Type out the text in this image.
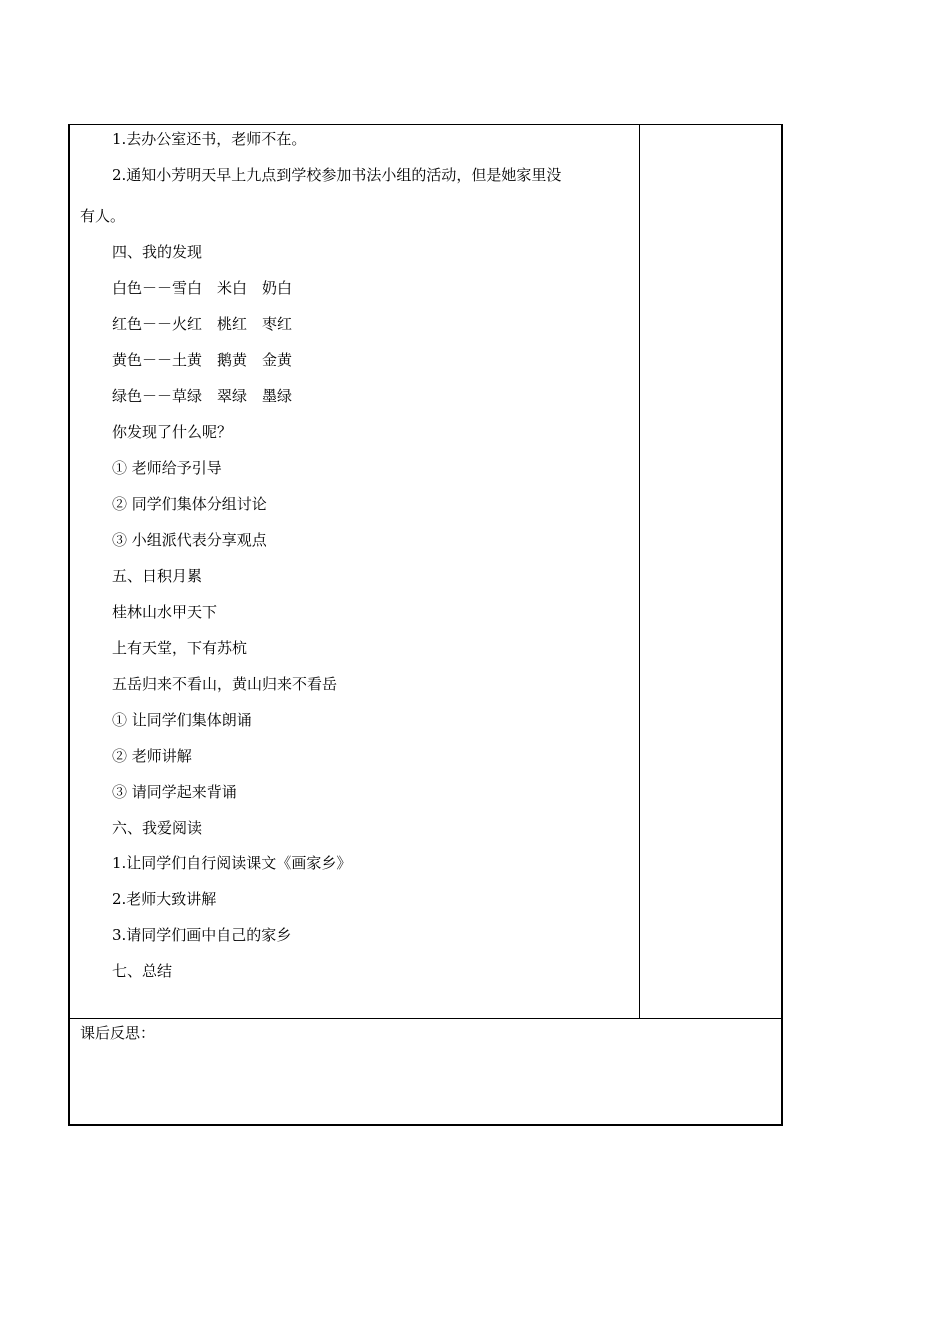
1.去办公室还书，老师不在。
2.通知小芳明天早上九点到学校参加书法小组的活动，但是她家里没
有人。
四、我的发现
白色－－雪白　米白　奶白
红色－－火红　桃红　枣红
黄色－－土黄　鹅黄　金黄
绿色－－草绿　翠绿　墨绿
你发现了什么呢？
① 老师给予引导
② 同学们集体分组讨论
③ 小组派代表分享观点
五、日积月累
桂林山水甲天下
上有天堂，下有苏杭
五岳归来不看山，黄山归来不看岳
① 让同学们集体朗诵
② 老师讲解
③ 请同学起来背诵
六、我爱阅读
1.让同学们自行阅读课文《画家乡》
2.老师大致讲解
3.请同学们画中自己的家乡
七、总结
课后反思：
